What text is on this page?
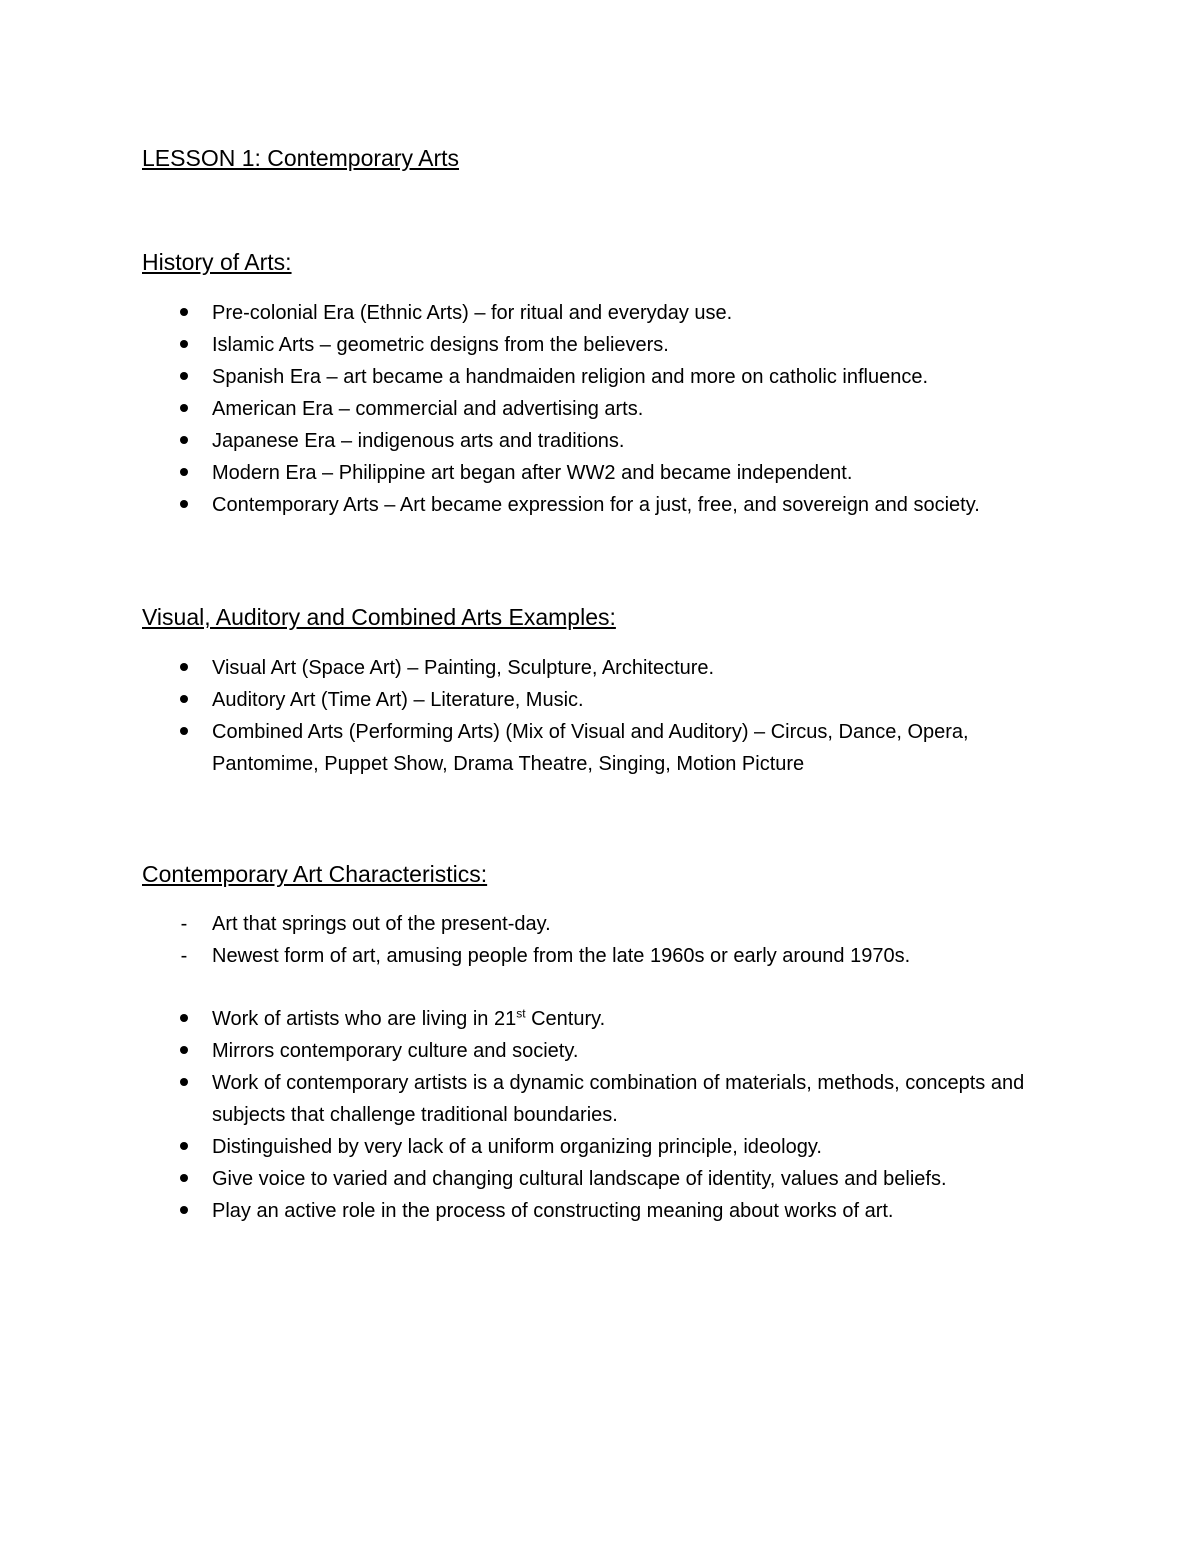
LESSON 1: Contemporary Arts
History of Arts:
Pre-colonial Era (Ethnic Arts) – for ritual and everyday use.
Islamic Arts – geometric designs from the believers.
Spanish Era – art became a handmaiden religion and more on catholic influence.
American Era – commercial and advertising arts.
Japanese Era – indigenous arts and traditions.
Modern Era – Philippine art began after WW2 and became independent.
Contemporary Arts – Art became expression for a just, free, and sovereign and society.
Visual, Auditory and Combined Arts Examples:
Visual Art (Space Art) – Painting, Sculpture, Architecture.
Auditory Art (Time Art) – Literature, Music.
Combined Arts (Performing Arts) (Mix of Visual and Auditory) – Circus, Dance, Opera, Pantomime, Puppet Show, Drama Theatre, Singing, Motion Picture
Contemporary Art Characteristics:
-	Art that springs out of the present-day.
-	Newest form of art, amusing people from the late 1960s or early around 1970s.
Work of artists who are living in 21st Century.
Mirrors contemporary culture and society.
Work of contemporary artists is a dynamic combination of materials, methods, concepts and subjects that challenge traditional boundaries.
Distinguished by very lack of a uniform organizing principle, ideology.
Give voice to varied and changing cultural landscape of identity, values and beliefs.
Play an active role in the process of constructing meaning about works of art.
